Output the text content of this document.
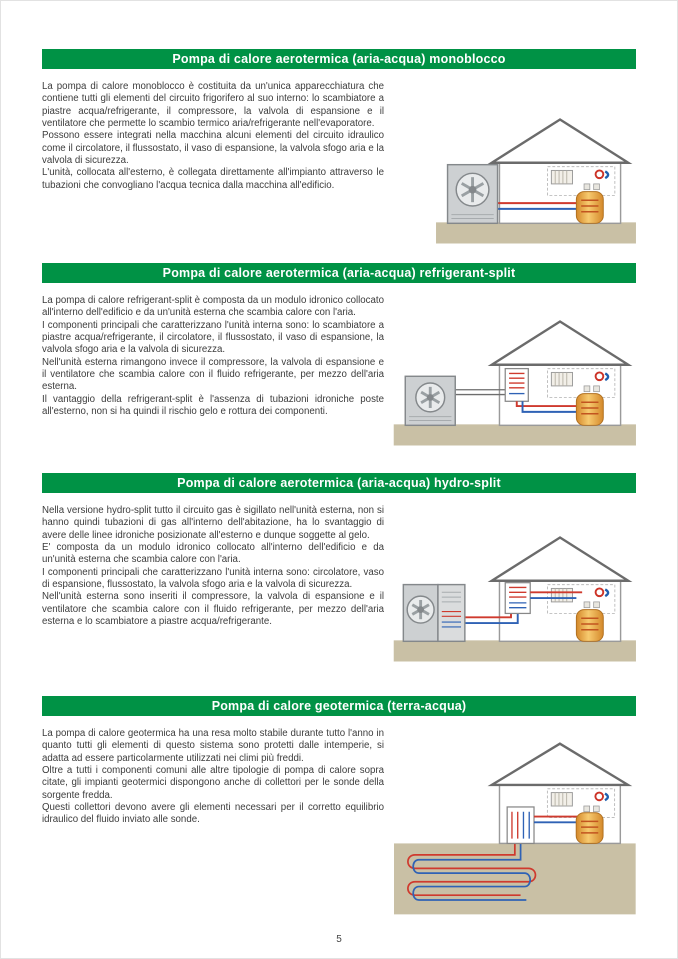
Pompa di calore aerotermica (aria-acqua) monoblocco

La pompa di calore monoblocco è costituita da un'unica apparecchiatura che contiene tutti gli elementi del circuito frigorifero al suo interno: lo scambiatore a piastre acqua/refrigerante, il compressore, la valvola di espansione e il ventilatore che permette lo scambio termico aria/refrigerante nell'evaporatore.

Possono essere integrati nella macchina alcuni elementi del circuito idraulico come il circolatore, il flussostato, il vaso di espansione, la valvola sfogo aria e la valvola di sicurezza.

L'unità, collocata all'esterno, è collegata direttamente all'impianto attraverso le tubazioni che convogliano l'acqua tecnica dalla macchina all'edificio.

Pompa di calore aerotermica (aria-acqua) refrigerant-split

La pompa di calore refrigerant-split è composta da un modulo idronico collocato all'interno dell'edificio e da un'unità esterna che scambia calore con l'aria.

I componenti principali che caratterizzano l'unità interna sono: lo scambiatore a piastre acqua/refrigerante, il circolatore, il flussostato, il vaso di espansione, la valvola sfogo aria e la valvola di sicurezza.

Nell'unità esterna rimangono invece il compressore, la valvola di espansione e il ventilatore che scambia calore con il fluido refrigerante, per mezzo dell'aria esterna.

Il vantaggio della refrigerant-split è l'assenza di tubazioni idroniche poste all'esterno, non si ha quindi il rischio gelo e rottura dei componenti.

Pompa di calore aerotermica (aria-acqua) hydro-split

Nella versione hydro-split tutto il circuito gas è sigillato nell'unità esterna, non si hanno quindi tubazioni di gas all'interno dell'abitazione, ha lo svantaggio di avere delle linee idroniche posizionate all'esterno e dunque soggette al gelo.

E' composta da un modulo idronico collocato all'interno dell'edificio e da un'unità esterna che scambia calore con l'aria.

I componenti principali che caratterizzano l'unità interna sono: circolatore, vaso di espansione, flussostato, la valvola sfogo aria e la valvola di sicurezza.

Nell'unità esterna sono inseriti il compressore, la valvola di espansione e il ventilatore che scambia calore con il fluido refrigerante, per mezzo dell'aria esterna e lo scambiatore a piastre acqua/refrigerante.

Pompa di calore geotermica (terra-acqua)

La pompa di calore geotermica ha una resa molto stabile durante tutto l'anno in quanto tutti gli elementi di questo sistema sono protetti dalle intemperie, si adatta ad essere particolarmente utilizzati nei climi più freddi.

Oltre a tutti i componenti comuni alle altre tipologie di pompa di calore sopra citate, gli impianti geotermici dispongono anche di collettori per le sonde della sorgente fredda.

Questi collettori devono avere gli elementi necessari per il corretto equilibrio idraulico del fluido inviato alle sonde.

5
